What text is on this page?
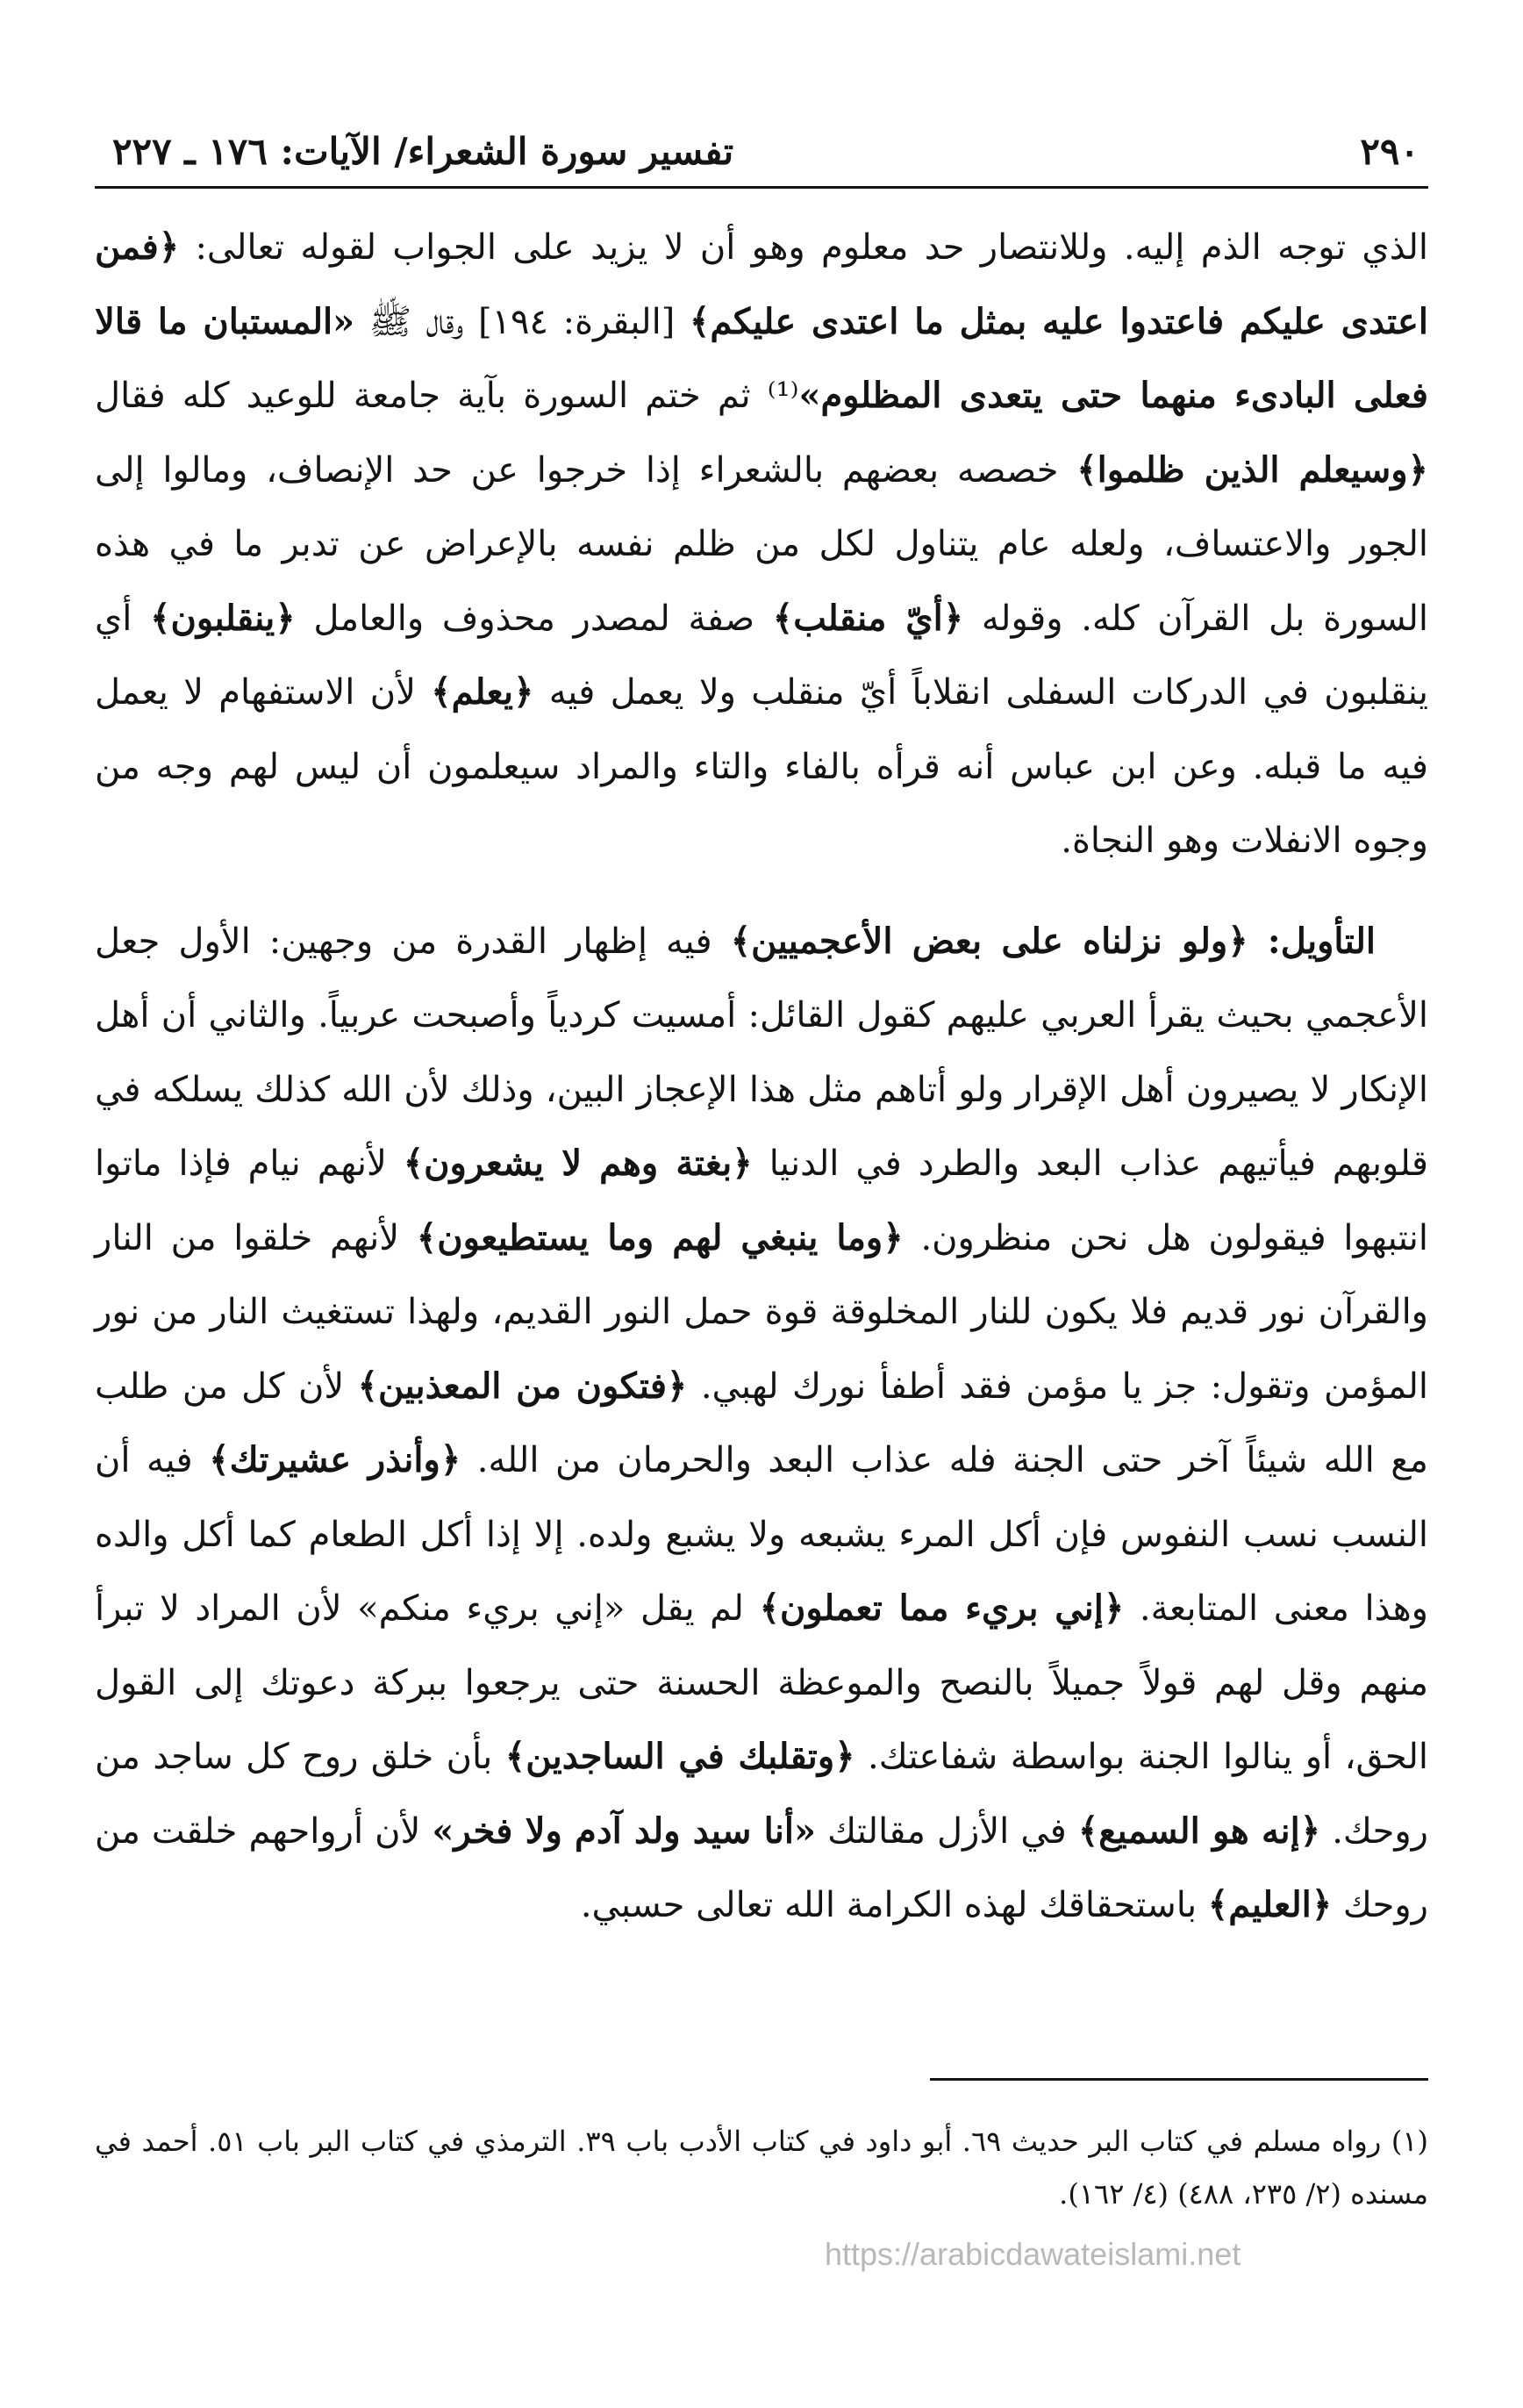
٢٩٠
تفسير سورة الشعراء/ الآيات: ١٧٦ ـ ٢٢٧

الذي توجه الذم إليه. وللانتصار حد معلوم وهو أن لا يزيد على الجواب لقوله تعالى: ﴿فمن اعتدى عليكم فاعتدوا عليه بمثل ما اعتدى عليكم﴾ [البقرة: ١٩٤] وقال ﷺ «المستبان ما قالا فعلى البادىء منهما حتى يتعدى المظلوم»⁽¹⁾ ثم ختم السورة بآية جامعة للوعيد كله فقال ﴿وسيعلم الذين ظلموا﴾ خصصه بعضهم بالشعراء إذا خرجوا عن حد الإنصاف، ومالوا إلى الجور والاعتساف، ولعله عام يتناول لكل من ظلم نفسه بالإعراض عن تدبر ما في هذه السورة بل القرآن كله. وقوله ﴿أيّ منقلب﴾ صفة لمصدر محذوف والعامل ﴿ينقلبون﴾ أي ينقلبون في الدركات السفلى انقلاباً أيّ منقلب ولا يعمل فيه ﴿يعلم﴾ لأن الاستفهام لا يعمل فيه ما قبله. وعن ابن عباس أنه قرأه بالفاء والتاء والمراد سيعلمون أن ليس لهم وجه من وجوه الانفلات وهو النجاة.

التأويل: ﴿ولو نزلناه على بعض الأعجميين﴾ فيه إظهار القدرة من وجهين: الأول جعل الأعجمي بحيث يقرأ العربي عليهم كقول القائل: أمسيت كردياً وأصبحت عربياً. والثاني أن أهل الإنكار لا يصيرون أهل الإقرار ولو أتاهم مثل هذا الإعجاز البين، وذلك لأن الله كذلك يسلكه في قلوبهم فيأتيهم عذاب البعد والطرد في الدنيا ﴿بغتة وهم لا يشعرون﴾ لأنهم نيام فإذا ماتوا انتبهوا فيقولون هل نحن منظرون. ﴿وما ينبغي لهم وما يستطيعون﴾ لأنهم خلقوا من النار والقرآن نور قديم فلا يكون للنار المخلوقة قوة حمل النور القديم، ولهذا تستغيث النار من نور المؤمن وتقول: جز يا مؤمن فقد أطفأ نورك لهبي. ﴿فتكون من المعذبين﴾ لأن كل من طلب مع الله شيئاً آخر حتى الجنة فله عذاب البعد والحرمان من الله. ﴿وأنذر عشيرتك﴾ فيه أن النسب نسب النفوس فإن أكل المرء يشبعه ولا يشبع ولده. إلا إذا أكل الطعام كما أكل والده وهذا معنى المتابعة. ﴿إني بريء مما تعملون﴾ لم يقل «إني بريء منكم» لأن المراد لا تبرأ منهم وقل لهم قولاً جميلاً بالنصح والموعظة الحسنة حتى يرجعوا ببركة دعوتك إلى القول الحق، أو ينالوا الجنة بواسطة شفاعتك. ﴿وتقلبك في الساجدين﴾ بأن خلق روح كل ساجد من روحك. ﴿إنه هو السميع﴾ في الأزل مقالتك «أنا سيد ولد آدم ولا فخر» لأن أرواحهم خلقت من روحك ﴿العليم﴾ باستحقاقك لهذه الكرامة الله تعالى حسبي.

(١) رواه مسلم في كتاب البر حديث ٦٩. أبو داود في كتاب الأدب باب ٣٩. الترمذي في كتاب البر باب ٥١. أحمد في مسنده (٢/ ٢٣٥، ٤٨٨) (٤/ ١٦٢).

https://arabicdawateislami.net
